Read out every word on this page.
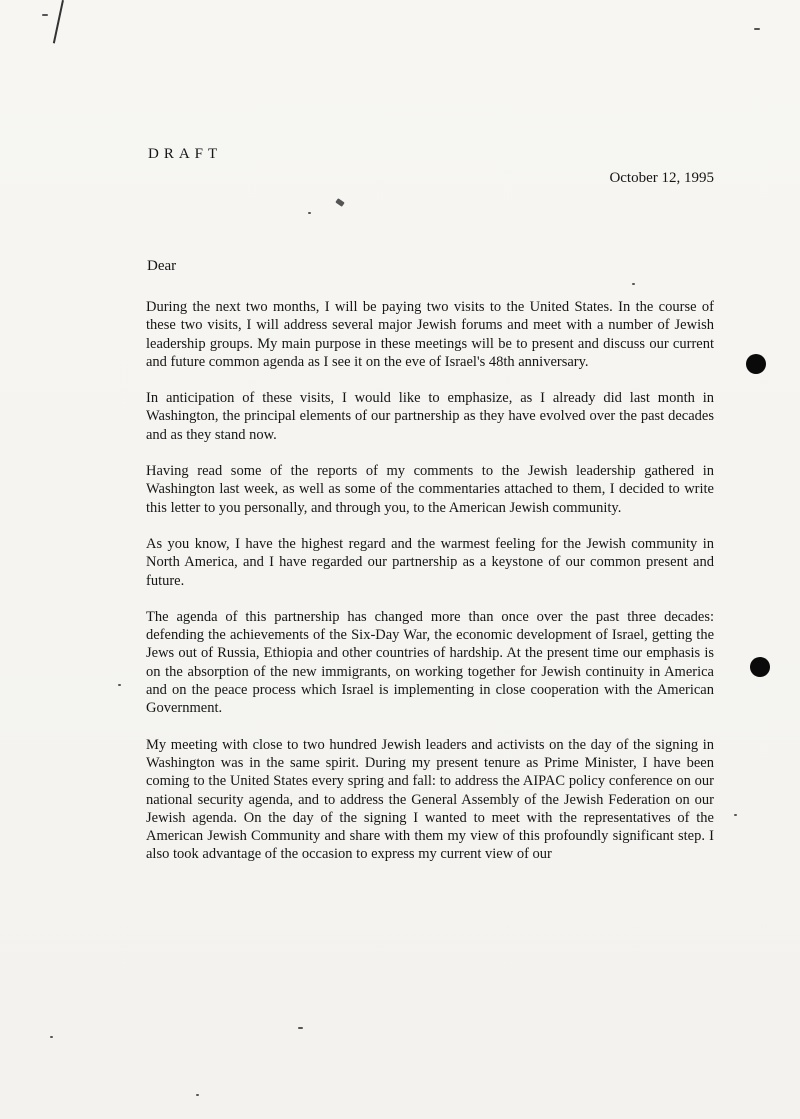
DRAFT
October 12, 1995
Dear

During the next two months, I will be paying two visits to the United States. In the course of these two visits, I will address several major Jewish forums and meet with a number of Jewish leadership groups. My main purpose in these meetings will be to present and discuss our current and future common agenda as I see it on the eve of Israel's 48th anniversary.

In anticipation of these visits, I would like to emphasize, as I already did last month in Washington, the principal elements of our partnership as they have evolved over the past decades and as they stand now.

Having read some of the reports of my comments to the Jewish leadership gathered in Washington last week, as well as some of the commentaries attached to them, I decided to write this letter to you personally, and through you, to the American Jewish community.

As you know, I have the highest regard and the warmest feeling for the Jewish community in North America, and I have regarded our partnership as a keystone of our common present and future.

The agenda of this partnership has changed more than once over the past three decades: defending the achievements of the Six-Day War, the economic development of Israel, getting the Jews out of Russia, Ethiopia and other countries of hardship. At the present time our emphasis is on the absorption of the new immigrants, on working together for Jewish continuity in America and on the peace process which Israel is implementing in close cooperation with the American Government.

My meeting with close to two hundred Jewish leaders and activists on the day of the signing in Washington was in the same spirit. During my present tenure as Prime Minister, I have been coming to the United States every spring and fall: to address the AIPAC policy conference on our national security agenda, and to address the General Assembly of the Jewish Federation on our Jewish agenda. On the day of the signing I wanted to meet with the representatives of the American Jewish Community and share with them my view of this profoundly significant step. I also took advantage of the occasion to express my current view of our
